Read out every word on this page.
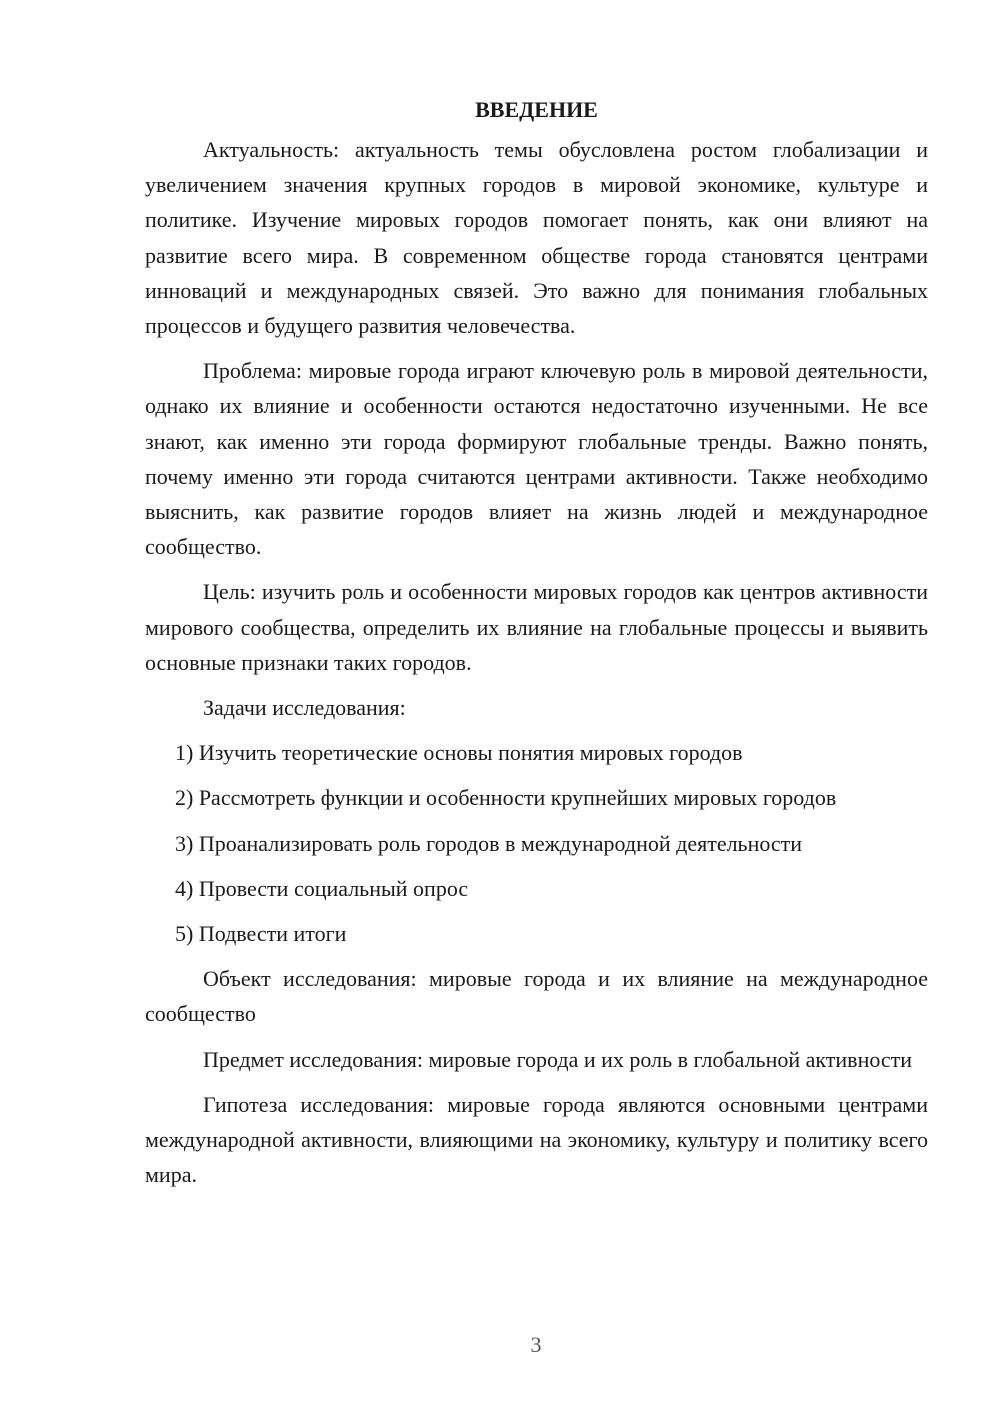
ВВЕДЕНИЕ

Актуальность: актуальность темы обусловлена ростом глобализации и увеличением значения крупных городов в мировой экономике, культуре и политике. Изучение мировых городов помогает понять, как они влияют на развитие всего мира. В современном обществе города становятся центрами инноваций и международных связей. Это важно для понимания глобальных процессов и будущего развития человечества.

Проблема: мировые города играют ключевую роль в мировой деятельности, однако их влияние и особенности остаются недостаточно изученными. Не все знают, как именно эти города формируют глобальные тренды. Важно понять, почему именно эти города считаются центрами активности. Также необходимо выяснить, как развитие городов влияет на жизнь людей и международное сообщество.

Цель: изучить роль и особенности мировых городов как центров активности мирового сообщества, определить их влияние на глобальные процессы и выявить основные признаки таких городов.

Задачи исследования:

1) Изучить теоретические основы понятия мировых городов

2) Рассмотреть функции и особенности крупнейших мировых городов

3) Проанализировать роль городов в международной деятельности

4) Провести социальный опрос

5) Подвести итоги

Объект исследования: мировые города и их влияние на международное сообщество

Предмет исследования: мировые города и их роль в глобальной активности

Гипотеза исследования: мировые города являются основными центрами международной активности, влияющими на экономику, культуру и политику всего мира.

3
